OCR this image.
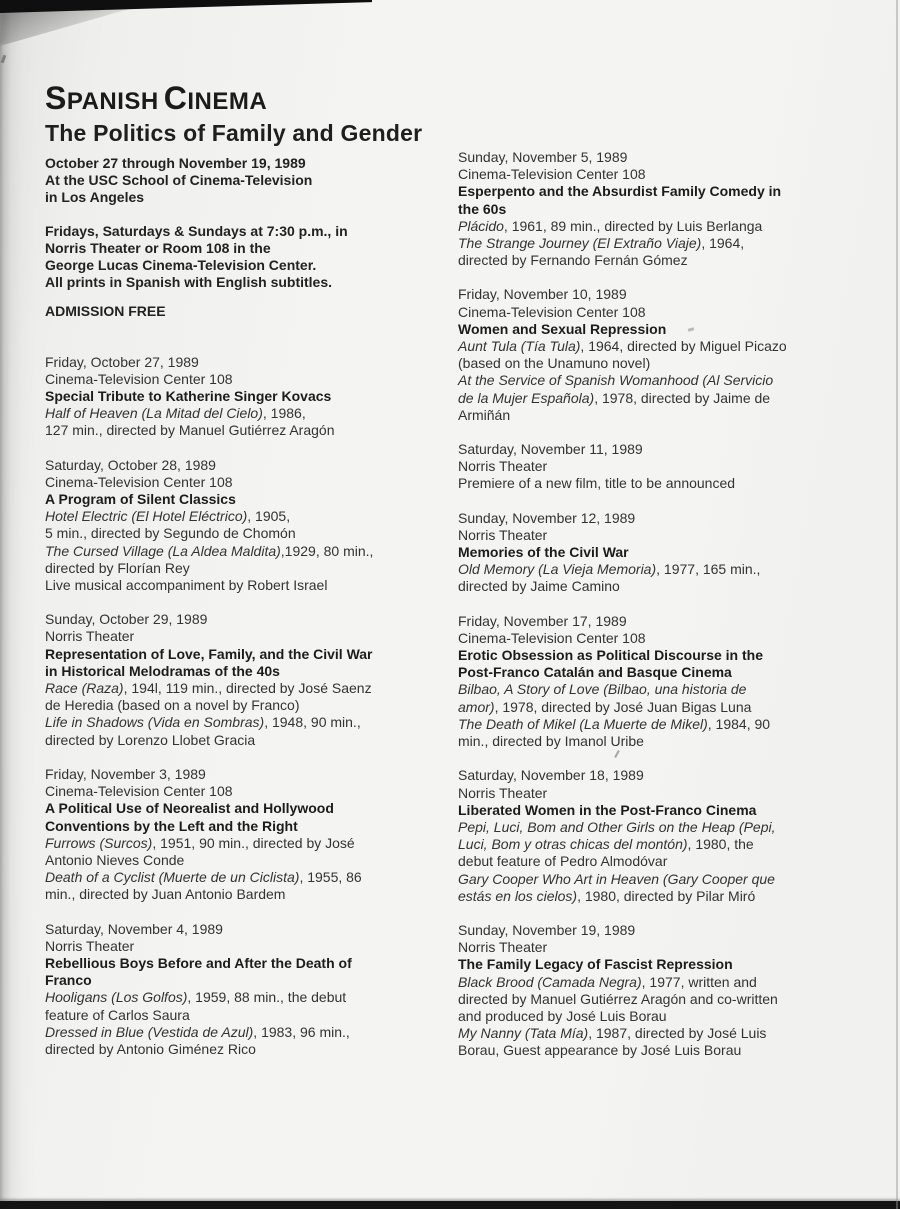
SPANISH CINEMA
The Politics of Family and Gender
October 27 through November 19, 1989
At the USC School of Cinema-Television
in Los Angeles
Fridays, Saturdays & Sundays at 7:30 p.m., in
Norris Theater or Room 108 in the
George Lucas Cinema-Television Center.
All prints in Spanish with English subtitles.
ADMISSION FREE
Friday, October 27, 1989
Cinema-Television Center 108
Special Tribute to Katherine Singer Kovacs
Half of Heaven (La Mitad del Cielo), 1986,
127 min., directed by Manuel Gutiérrez Aragón
Saturday, October 28, 1989
Cinema-Television Center 108
A Program of Silent Classics
Hotel Electric (El Hotel Eléctrico), 1905,
5 min., directed by Segundo de Chomón
The Cursed Village (La Aldea Maldita),1929, 80 min.,
directed by Florían Rey
Live musical accompaniment by Robert Israel
Sunday, October 29, 1989
Norris Theater
Representation of Love, Family, and the Civil War
in Historical Melodramas of the 40s
Race (Raza), 194l, 119 min., directed by José Saenz
de Heredia (based on a novel by Franco)
Life in Shadows (Vida en Sombras), 1948, 90 min.,
directed by Lorenzo Llobet Gracia
Friday, November 3, 1989
Cinema-Television Center 108
A Political Use of Neorealist and Hollywood
Conventions by the Left and the Right
Furrows (Surcos), 1951, 90 min., directed by José
Antonio Nieves Conde
Death of a Cyclist (Muerte de un Ciclista), 1955, 86
min., directed by Juan Antonio Bardem
Saturday, November 4, 1989
Norris Theater
Rebellious Boys Before and After the Death of
Franco
Hooligans (Los Golfos), 1959, 88 min., the debut
feature of Carlos Saura
Dressed in Blue (Vestida de Azul), 1983, 96 min.,
directed by Antonio Giménez Rico
Sunday, November 5, 1989
Cinema-Television Center 108
Esperpento and the Absurdist Family Comedy in
the 60s
Plácido, 1961, 89 min., directed by Luis Berlanga
The Strange Journey (El Extraño Viaje), 1964,
directed by Fernando Fernán Gómez
Friday, November 10, 1989
Cinema-Television Center 108
Women and Sexual Repression
Aunt Tula (Tía Tula), 1964, directed by Miguel Picazo
(based on the Unamuno novel)
At the Service of Spanish Womanhood (Al Servicio
de la Mujer Española), 1978, directed by Jaime de
Armiñán
Saturday, November 11, 1989
Norris Theater
Premiere of a new film, title to be announced
Sunday, November 12, 1989
Norris Theater
Memories of the Civil War
Old Memory (La Vieja Memoria), 1977, 165 min.,
directed by Jaime Camino
Friday, November 17, 1989
Cinema-Television Center 108
Erotic Obsession as Political Discourse in the
Post-Franco Catalán and Basque Cinema
Bilbao, A Story of Love (Bilbao, una historia de
amor), 1978, directed by José Juan Bigas Luna
The Death of Mikel (La Muerte de Mikel), 1984, 90
min., directed by Imanol Uribe
Saturday, November 18, 1989
Norris Theater
Liberated Women in the Post-Franco Cinema
Pepi, Luci, Bom and Other Girls on the Heap (Pepi,
Luci, Bom y otras chicas del montón), 1980, the
debut feature of Pedro Almodóvar
Gary Cooper Who Art in Heaven (Gary Cooper que
estás en los cielos), 1980, directed by Pilar Miró
Sunday, November 19, 1989
Norris Theater
The Family Legacy of Fascist Repression
Black Brood (Camada Negra), 1977, written and
directed by Manuel Gutiérrez Aragón and co-written
and produced by José Luis Borau
My Nanny (Tata Mía), 1987, directed by José Luis
Borau, Guest appearance by José Luis Borau
